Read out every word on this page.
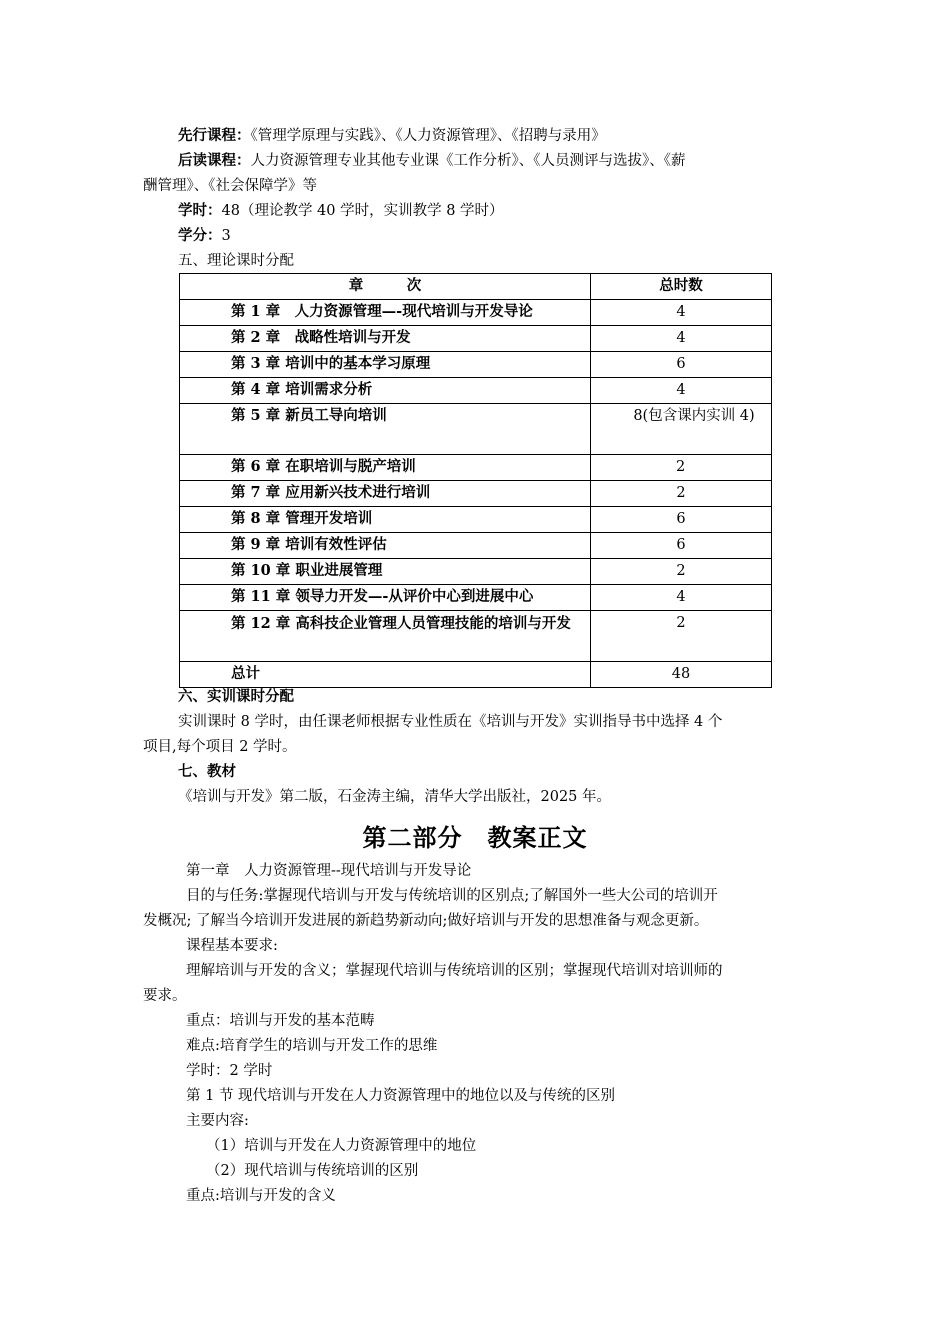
先行课程：《管理学原理与实践》、《人力资源管理》、《招聘与录用》
后读课程：人力资源管理专业其他专业课《工作分析》、《人员测评与选拔》、《薪
酬管理》、《社会保障学》等
学时：48（理论教学 40 学时，实训教学 8 学时）
学分：3
五、理论课时分配
章　　　次	总时数
第 1 章　人力资源管理—-现代培训与开发导论	4
第 2 章　战略性培训与开发	4
第 3 章 培训中的基本学习原理	6
第 4 章 培训需求分析	4
第 5 章 新员工导向培训	8(包含课内实训 4)
第 6 章 在职培训与脱产培训	2
第 7 章 应用新兴技术进行培训	2
第 8 章 管理开发培训	6
第 9 章 培训有效性评估	6
第 10 章 职业进展管理	2
第 11 章 领导力开发—-从评价中心到进展中心	4
第 12 章 高科技企业管理人员管理技能的培训与开发	2
总计	48
六、实训课时分配
实训课时 8 学时，由任课老师根据专业性质在《培训与开发》实训指导书中选择 4 个
项目,每个项目 2 学时。
七、教材
《培训与开发》第二版，石金涛主编，清华大学出版社，2025 年。
第二部分　教案正文
第一章　人力资源管理--现代培训与开发导论
目的与任务:掌握现代培训与开发与传统培训的区别点;了解国外一些大公司的培训开
发概况; 了解当今培训开发进展的新趋势新动向;做好培训与开发的思想准备与观念更新。
课程基本要求:
理解培训与开发的含义；掌握现代培训与传统培训的区别；掌握现代培训对培训师的
要求。
重点：培训与开发的基本范畴
难点:培育学生的培训与开发工作的思维
学时：2 学时
第 1 节 现代培训与开发在人力资源管理中的地位以及与传统的区别
主要内容:
（1）培训与开发在人力资源管理中的地位
（2）现代培训与传统培训的区别
重点:培训与开发的含义
